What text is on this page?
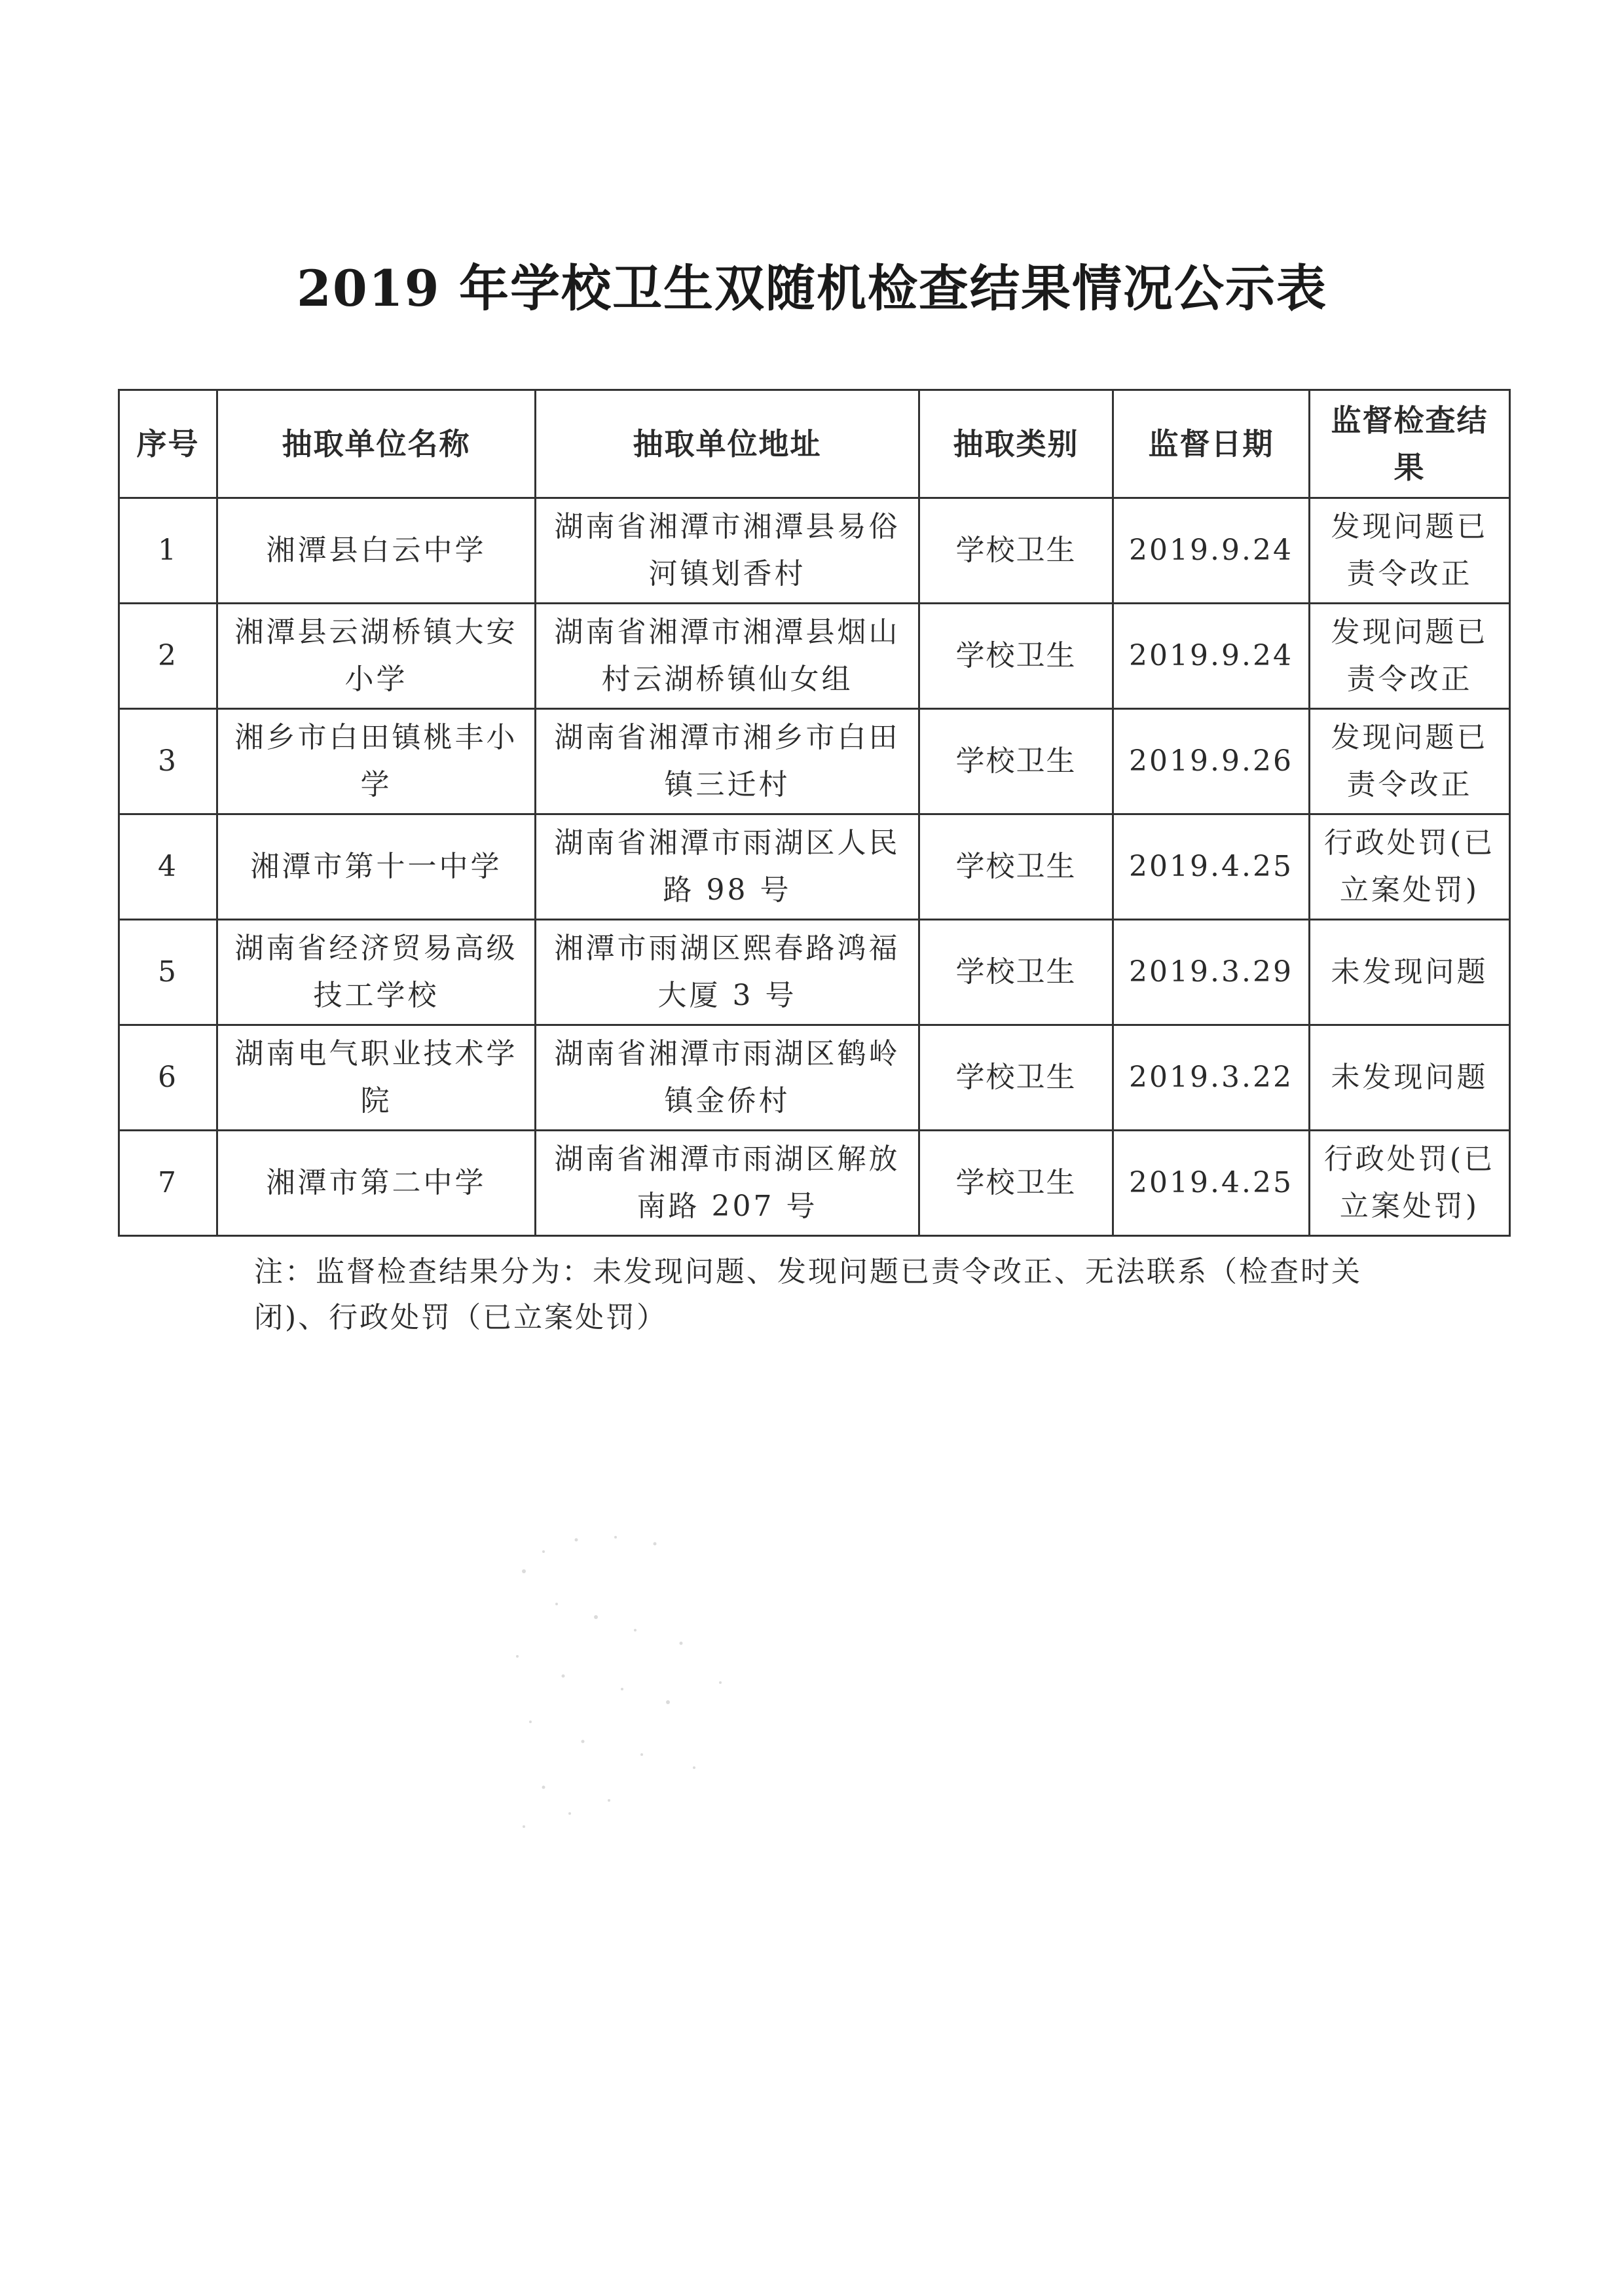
2019 年学校卫生双随机检查结果情况公示表
序号	抽取单位名称	抽取单位地址	抽取类别	监督日期	监督检查结果
1	湘潭县白云中学	湖南省湘潭市湘潭县易俗河镇划香村	学校卫生	2019.9.24	发现问题已责令改正
2	湘潭县云湖桥镇大安小学	湖南省湘潭市湘潭县烟山村云湖桥镇仙女组	学校卫生	2019.9.24	发现问题已责令改正
3	湘乡市白田镇桃丰小学	湖南省湘潭市湘乡市白田镇三迁村	学校卫生	2019.9.26	发现问题已责令改正
4	湘潭市第十一中学	湖南省湘潭市雨湖区人民路 98 号	学校卫生	2019.4.25	行政处罚(已立案处罚)
5	湖南省经济贸易高级技工学校	湘潭市雨湖区熙春路鸿福大厦 3 号	学校卫生	2019.3.29	未发现问题
6	湖南电气职业技术学院	湖南省湘潭市雨湖区鹤岭镇金侨村	学校卫生	2019.3.22	未发现问题
7	湘潭市第二中学	湖南省湘潭市雨湖区解放南路 207 号	学校卫生	2019.4.25	行政处罚(已立案处罚)
注：监督检查结果分为：未发现问题、发现问题已责令改正、无法联系（检查时关闭)、行政处罚（已立案处罚）
